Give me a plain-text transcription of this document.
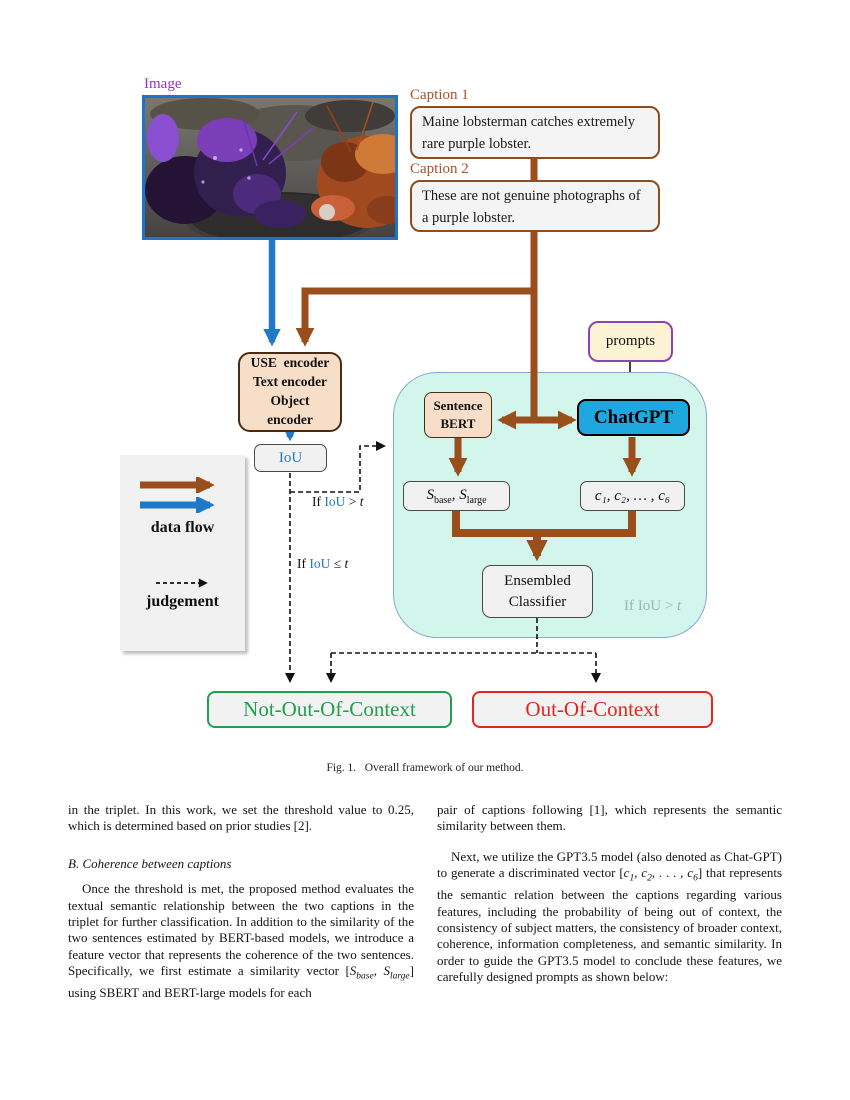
Image
Caption 1
Maine lobsterman catches extremely rare purple lobster.
Caption 2
These are not genuine photographs of a purple lobster.
USE  encoder
Text encoder
Object
encoder
IoU
prompts
Sentence
BERT	ChatGPT
$S_{base}$, $S_{large}$	c₁, c₂, … , c₆
Ensembled
Classifier
If IoU > t
If IoU ≤ t
If IoU > t
data flow
judgement
Not-Out-Of-Context	Out-Of-Context
Fig. 1.   Overall framework of our method.
in the triplet. In this work, we set the threshold value to 0.25, which is determined based on prior studies [2].
B. Coherence between captions
Once the threshold is met, the proposed method evaluates the textual semantic relationship between the two captions in the triplet for further classification. In addition to the similarity of the two sentences estimated by BERT-based models, we introduce a feature vector that represents the coherence of the two sentences. Specifically, we first estimate a similarity vector [$S_{base}$, $S_{large}$] using SBERT and BERT-large models for each
pair of captions following [1], which represents the semantic similarity between them.
Next, we utilize the GPT3.5 model (also denoted as Chat-GPT) to generate a discriminated vector [$c_1$, $c_2$, . . . , $c_6$] that represents the semantic relation between the captions regarding various features, including the probability of being out of context, the consistency of subject matters, the consistency of broader context, coherence, information completeness, and semantic similarity. In order to guide the GPT3.5 model to conclude these features, we carefully designed prompts as shown below:
